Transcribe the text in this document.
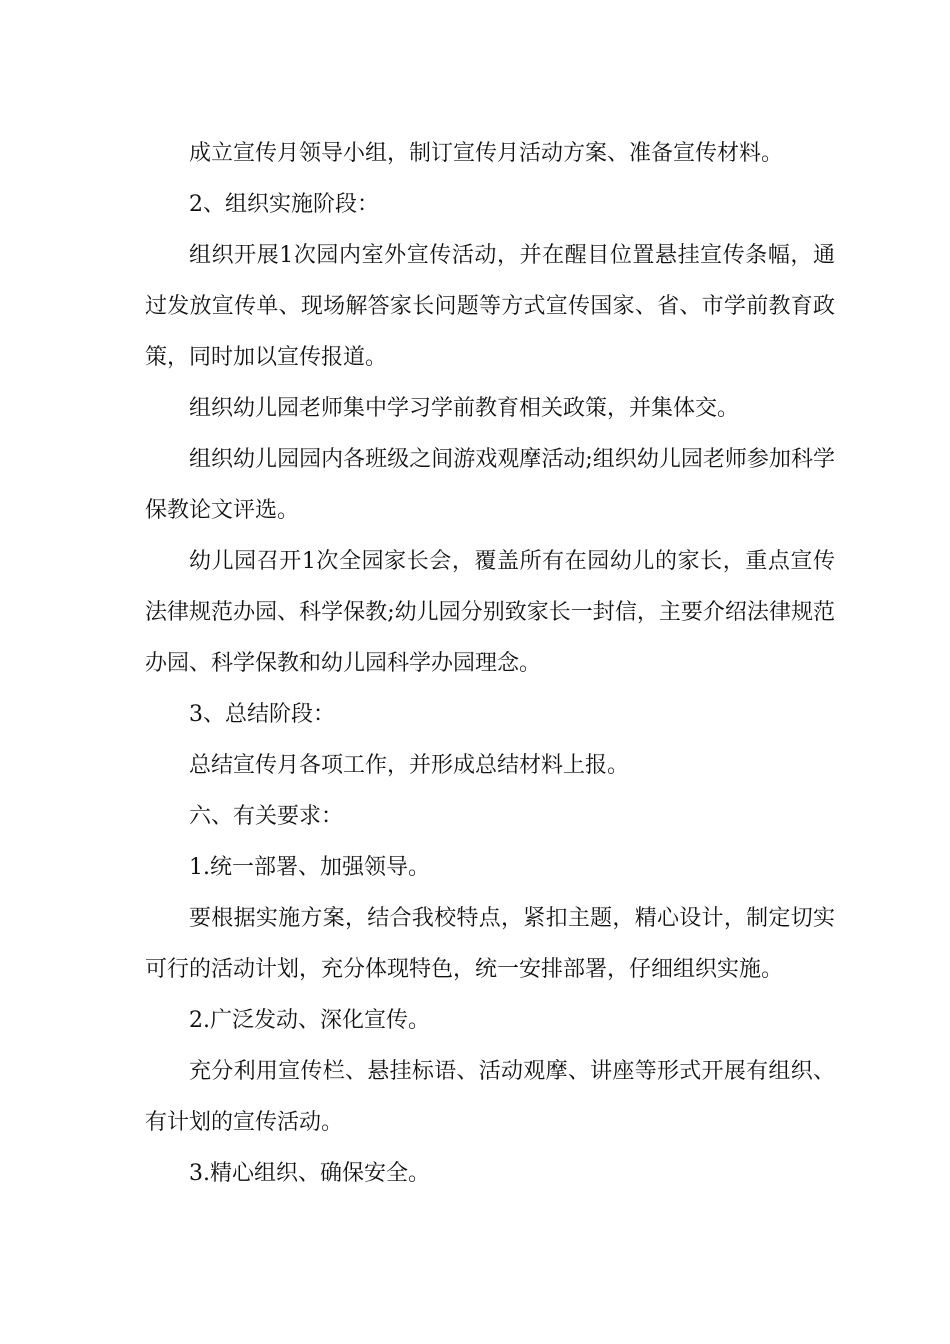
成立宣传月领导小组，制订宣传月活动方案、准备宣传材料。

2、组织实施阶段：

组织开展1次园内室外宣传活动，并在醒目位置悬挂宣传条幅，通过发放宣传单、现场解答家长问题等方式宣传国家、省、市学前教育政策，同时加以宣传报道。

组织幼儿园老师集中学习学前教育相关政策，并集体交。

组织幼儿园园内各班级之间游戏观摩活动;组织幼儿园老师参加科学保教论文评选。

幼儿园召开1次全园家长会，覆盖所有在园幼儿的家长，重点宣传法律规范办园、科学保教;幼儿园分别致家长一封信，主要介绍法律规范办园、科学保教和幼儿园科学办园理念。

3、总结阶段：

总结宣传月各项工作，并形成总结材料上报。

六、有关要求：

1.统一部署、加强领导。

要根据实施方案，结合我校特点，紧扣主题，精心设计，制定切实可行的活动计划，充分体现特色，统一安排部署，仔细组织实施。

2.广泛发动、深化宣传。

充分利用宣传栏、悬挂标语、活动观摩、讲座等形式开展有组织、有计划的宣传活动。

3.精心组织、确保安全。
